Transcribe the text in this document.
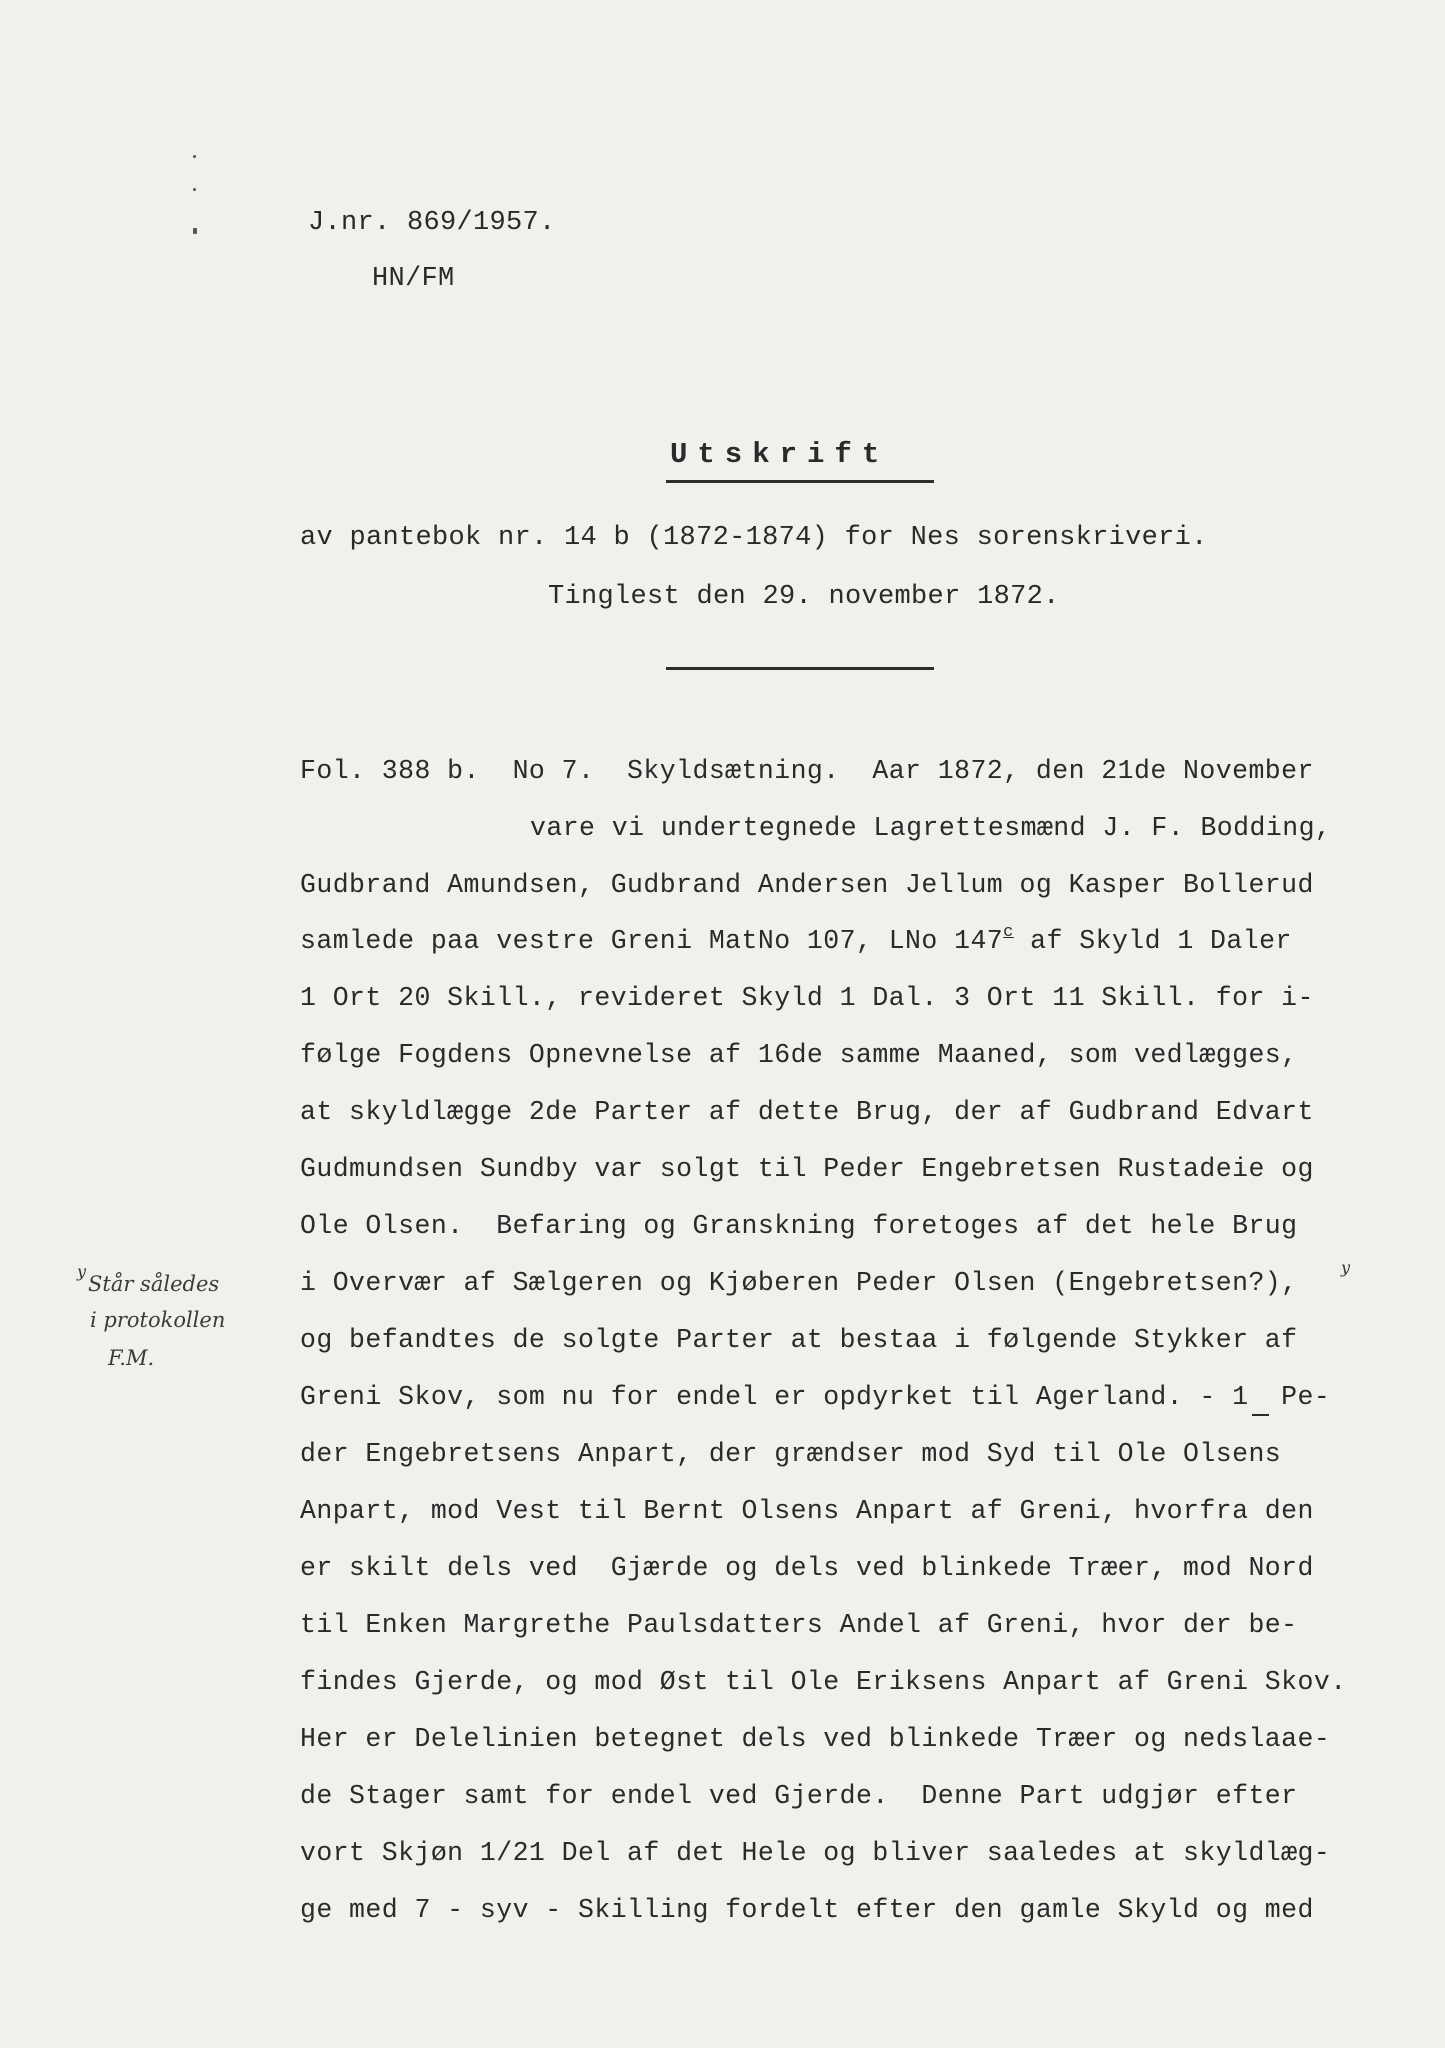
J.nr. 869/1957.
HN/FM
Utskrift
av pantebok nr. 14 b (1872-1874) for Nes sorenskriveri.
Tinglest den 29. november 1872.
Fol. 388 b.  No 7.  Skyldsætning.  Aar 1872, den 21de November
vare vi undertegnede Lagrettesmænd J. F. Bodding,
Gudbrand Amundsen, Gudbrand Andersen Jellum og Kasper Bollerud
samlede paa vestre Greni MatNo 107, LNo 147$^c$ af Skyld 1 Daler
1 Ort 20 Skill., revideret Skyld 1 Dal. 3 Ort 11 Skill. for i-
følge Fogdens Opnevnelse af 16de samme Maaned, som vedlægges,
at skyldlægge 2de Parter af dette Brug, der af Gudbrand Edvart
Gudmundsen Sundby var solgt til Peder Engebretsen Rustadeie og
Ole Olsen.  Befaring og Granskning foretoges af det hele Brug
i Overvær af Sælgeren og Kjøberen Peder Olsen (Engebretsen?),
y
og befandtes de solgte Parter at bestaa i følgende Stykker af
Greni Skov, som nu for endel er opdyrket til Agerland. - 1  Pe-
der Engebretsens Anpart, der grændser mod Syd til Ole Olsens
Anpart, mod Vest til Bernt Olsens Anpart af Greni, hvorfra den
er skilt dels ved  Gjærde og dels ved blinkede Træer, mod Nord
til Enken Margrethe Paulsdatters Andel af Greni, hvor der be-
findes Gjerde, og mod Øst til Ole Eriksens Anpart af Greni Skov.
Her er Delelinien betegnet dels ved blinkede Træer og nedslaae-
de Stager samt for endel ved Gjerde.  Denne Part udgjør efter
vort Skjøn 1/21 Del af det Hele og bliver saaledes at skyldlæg-
ge med 7 - syv - Skilling fordelt efter den gamle Skyld og med
y
Står således
i protokollen
F.M.
